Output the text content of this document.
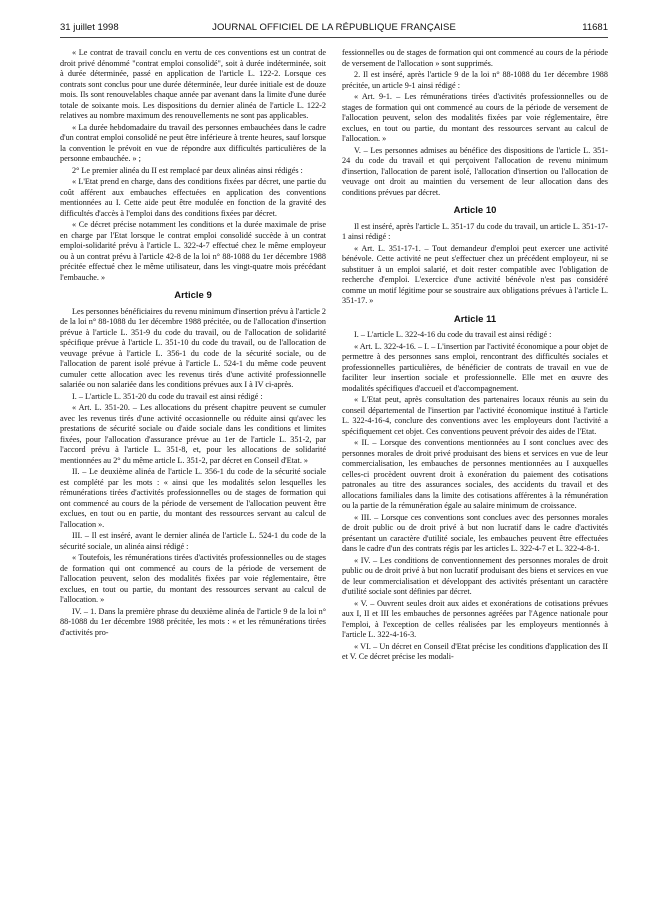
31 juillet 1998	JOURNAL OFFICIEL DE LA RÉPUBLIQUE FRANÇAISE	11681

« Le contrat de travail conclu en vertu de ces conventions est un contrat de droit privé dénommé "contrat emploi consolidé", soit à durée indéterminée, soit à durée déterminée, passé en application de l'article L. 122-2. Lorsque ces contrats sont conclus pour une durée déterminée, leur durée initiale est de douze mois. Ils sont renouvelables chaque année par avenant dans la limite d'une durée totale de soixante mois. Les dispositions du dernier alinéa de l'article L. 122-2 relatives au nombre maximum des renouvellements ne sont pas applicables.

« La durée hebdomadaire du travail des personnes embauchées dans le cadre d'un contrat emploi consolidé ne peut être inférieure à trente heures, sauf lorsque la convention le prévoit en vue de répondre aux difficultés particulières de la personne embauchée. » ;

2° Le premier alinéa du II est remplacé par deux alinéas ainsi rédigés :

« L'Etat prend en charge, dans des conditions fixées par décret, une partie du coût afférent aux embauches effectuées en application des conventions mentionnées au I. Cette aide peut être modulée en fonction de la gravité des difficultés d'accès à l'emploi dans des conditions fixées par décret.

« Ce décret précise notamment les conditions et la durée maximale de prise en charge par l'Etat lorsque le contrat emploi consolidé succède à un contrat emploi-solidarité prévu à l'article L. 322-4-7 effectué chez le même employeur ou à un contrat prévu à l'article 42-8 de la loi n° 88-1088 du 1er décembre 1988 précitée effectué chez le même utilisateur, dans les vingt-quatre mois précédant l'embauche. »

Article 9

Les personnes bénéficiaires du revenu minimum d'insertion prévu à l'article 2 de la loi n° 88-1088 du 1er décembre 1988 précitée, ou de l'allocation d'insertion prévue à l'article L. 351-9 du code du travail, ou de l'allocation de solidarité spécifique prévue à l'article L. 351-10 du code du travail, ou de l'allocation de veuvage prévue à l'article L. 356-1 du code de la sécurité sociale, ou de l'allocation de parent isolé prévue à l'article L. 524-1 du même code peuvent cumuler cette allocation avec les revenus tirés d'une activité professionnelle salariée ou non salariée dans les conditions prévues aux I à IV ci-après.

I. – L'article L. 351-20 du code du travail est ainsi rédigé :

« Art. L. 351-20. – Les allocations du présent chapitre peuvent se cumuler avec les revenus tirés d'une activité occasionnelle ou réduite ainsi qu'avec les prestations de sécurité sociale ou d'aide sociale dans les conditions et limites fixées, pour l'allocation d'assurance prévue au 1er de l'article L. 351-2, par l'accord prévu à l'article L. 351-8, et, pour les allocations de solidarité mentionnées au 2° du même article L. 351-2, par décret en Conseil d'Etat. »

II. – Le deuxième alinéa de l'article L. 356-1 du code de la sécurité sociale est complété par les mots : « ainsi que les modalités selon lesquelles les rémunérations tirées d'activités professionnelles ou de stages de formation qui ont commencé au cours de la période de versement de l'allocation peuvent être exclues, en tout ou en partie, du montant des ressources servant au calcul de l'allocation ».

III. – Il est inséré, avant le dernier alinéa de l'article L. 524-1 du code de la sécurité sociale, un alinéa ainsi rédigé :

« Toutefois, les rémunérations tirées d'activités professionnelles ou de stages de formation qui ont commencé au cours de la période de versement de l'allocation peuvent, selon des modalités fixées par voie réglementaire, être exclues, en tout ou partie, du montant des ressources servant au calcul de l'allocation. »

IV. – 1. Dans la première phrase du deuxième alinéa de l'article 9 de la loi n° 88-1088 du 1er décembre 1988 précitée, les mots : « et les rémunérations tirées d'activités pro-

fessionnelles ou de stages de formation qui ont commencé au cours de la période de versement de l'allocation » sont supprimés.

2. Il est inséré, après l'article 9 de la loi n° 88-1088 du 1er décembre 1988 précitée, un article 9-1 ainsi rédigé :

« Art. 9-1. – Les rémunérations tirées d'activités professionnelles ou de stages de formation qui ont commencé au cours de la période de versement de l'allocation peuvent, selon des modalités fixées par voie réglementaire, être exclues, en tout ou partie, du montant des ressources servant au calcul de l'allocation. »

V. – Les personnes admises au bénéfice des dispositions de l'article L. 351-24 du code du travail et qui perçoivent l'allocation de revenu minimum d'insertion, l'allocation de parent isolé, l'allocation d'insertion ou l'allocation de veuvage ont droit au maintien du versement de leur allocation dans des conditions prévues par décret.

Article 10

Il est inséré, après l'article L. 351-17 du code du travail, un article L. 351-17-1 ainsi rédigé :

« Art. L. 351-17-1. – Tout demandeur d'emploi peut exercer une activité bénévole. Cette activité ne peut s'effectuer chez un précédent employeur, ni se substituer à un emploi salarié, et doit rester compatible avec l'obligation de recherche d'emploi. L'exercice d'une activité bénévole n'est pas considéré comme un motif légitime pour se soustraire aux obligations prévues à l'article L. 351-17. »

Article 11

I. – L'article L. 322-4-16 du code du travail est ainsi rédigé :

« Art. L. 322-4-16. – I. – L'insertion par l'activité économique a pour objet de permettre à des personnes sans emploi, rencontrant des difficultés sociales et professionnelles particulières, de bénéficier de contrats de travail en vue de faciliter leur insertion sociale et professionnelle. Elle met en œuvre des modalités spécifiques d'accueil et d'accompagnement.

« L'Etat peut, après consultation des partenaires locaux réunis au sein du conseil départemental de l'insertion par l'activité économique institué à l'article L. 322-4-16-4, conclure des conventions avec les employeurs dont l'activité a spécifiquement cet objet. Ces conventions peuvent prévoir des aides de l'Etat.

« II. – Lorsque des conventions mentionnées au I sont conclues avec des personnes morales de droit privé produisant des biens et services en vue de leur commercialisation, les embauches de personnes mentionnées au I auxquelles celles-ci procèdent ouvrent droit à exonération du paiement des cotisations patronales au titre des assurances sociales, des accidents du travail et des allocations familiales dans la limite des cotisations afférentes à la rémunération ou la partie de la rémunération égale au salaire minimum de croissance.

« III. – Lorsque ces conventions sont conclues avec des personnes morales de droit public ou de droit privé à but non lucratif dans le cadre d'activités présentant un caractère d'utilité sociale, les embauches peuvent être effectuées dans le cadre d'un des contrats régis par les articles L. 322-4-7 et L. 322-4-8-1.

« IV. – Les conditions de conventionnement des personnes morales de droit public ou de droit privé à but non lucratif produisant des biens et services en vue de leur commercialisation et développant des activités présentant un caractère d'utilité sociale sont définies par décret.

« V. – Ouvrent seules droit aux aides et exonérations de cotisations prévues aux I, II et III les embauches de personnes agréées par l'Agence nationale pour l'emploi, à l'exception de celles réalisées par les employeurs mentionnés à l'article L. 322-4-16-3.

« VI. – Un décret en Conseil d'Etat précise les conditions d'application des II et V. Ce décret précise les modali-
